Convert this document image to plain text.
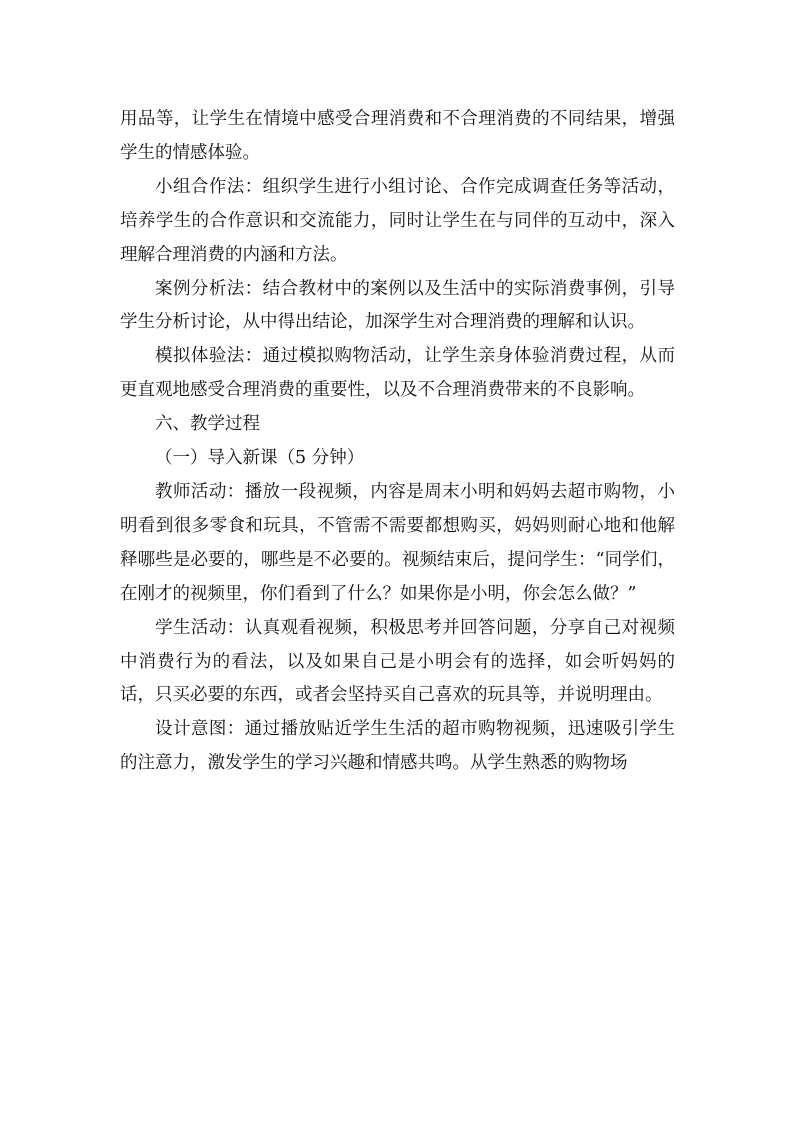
用品等，让学生在情境中感受合理消费和不合理消费的不同结果，增强学生的情感体验。

小组合作法：组织学生进行小组讨论、合作完成调查任务等活动，培养学生的合作意识和交流能力，同时让学生在与同伴的互动中，深入理解合理消费的内涵和方法。

案例分析法：结合教材中的案例以及生活中的实际消费事例，引导学生分析讨论，从中得出结论，加深学生对合理消费的理解和认识。

模拟体验法：通过模拟购物活动，让学生亲身体验消费过程，从而更直观地感受合理消费的重要性，以及不合理消费带来的不良影响。

六、教学过程

（一）导入新课（5 分钟）

教师活动：播放一段视频，内容是周末小明和妈妈去超市购物，小明看到很多零食和玩具，不管需不需要都想购买，妈妈则耐心地和他解释哪些是必要的，哪些是不必要的。视频结束后，提问学生：“同学们，在刚才的视频里，你们看到了什么？如果你是小明，你会怎么做？”

学生活动：认真观看视频，积极思考并回答问题，分享自己对视频中消费行为的看法，以及如果自己是小明会有的选择，如会听妈妈的话，只买必要的东西，或者会坚持买自己喜欢的玩具等，并说明理由。

设计意图：通过播放贴近学生生活的超市购物视频，迅速吸引学生的注意力，激发学生的学习兴趣和情感共鸣。从学生熟悉的购物场
